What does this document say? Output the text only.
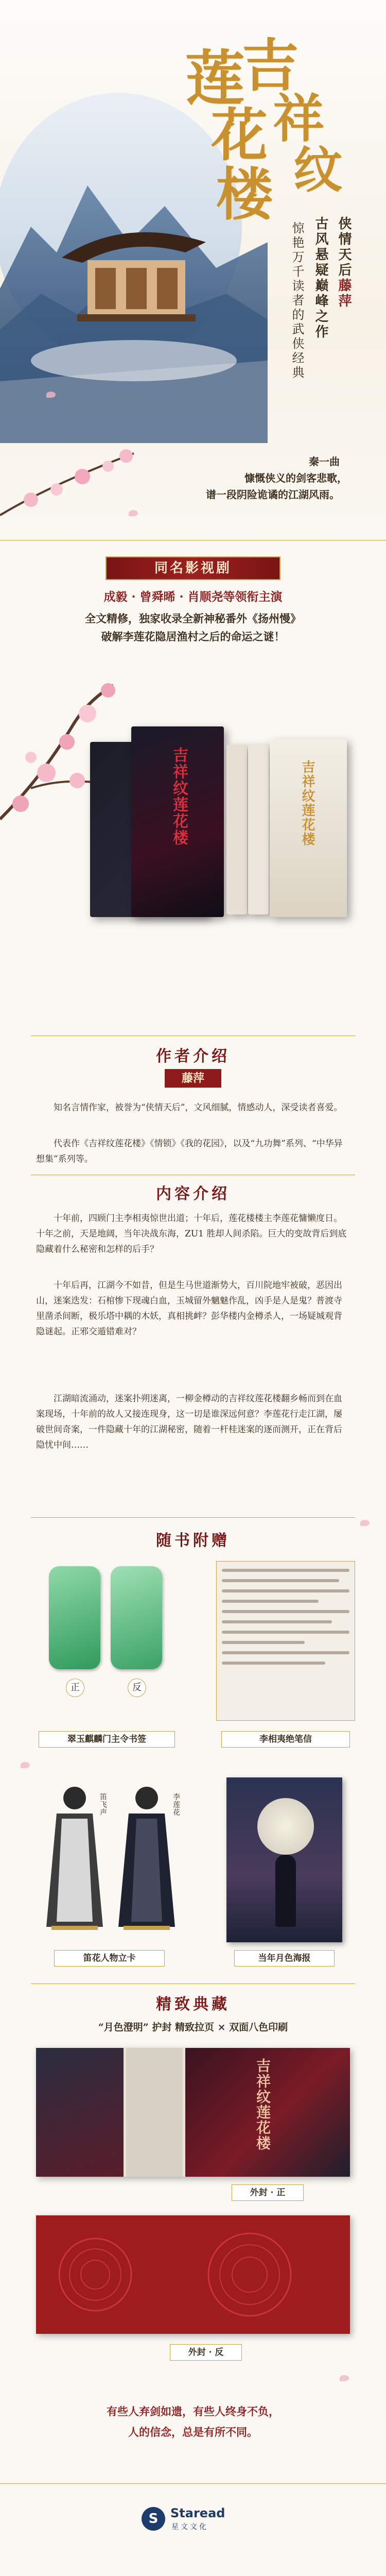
吉
祥
纹
莲
花
楼
侠情天后藤萍
古风悬疑巅峰之作
惊艳万千读者的武侠经典
秦一曲
慷慨侠义的剑客悲歌，
谱一段阴险诡谲的江湖风雨。
同名影视剧
成毅 · 曾舜晞 · 肖顺尧等领衔主演
全文精修，独家收录全新神秘番外《扬州慢》
破解李莲花隐居渔村之后的命运之谜！
吉祥纹莲花楼	吉祥纹莲花楼
作者介绍
藤萍
知名言情作家，被誉为“侠情天后”，文风细腻，情感动人，深受读者喜爱。
代表作《吉祥纹莲花楼》《情锁》《我的花园》，以及“九功舞”系列、“中华异想集”系列等。
内容介绍
十年前，四顾门主李相夷惊世出道；十年后，莲花楼楼主李莲花慵懒度日。十年之前，天是地阔，当年决战东海，ZU1 胜却人间杀陷。巨大的变故背后到底隐藏着什么秘密和怎样的后手？
十年后再，江湖今不如昔，但是生马世道渐势大，百川院地牢被破，恶因出山，迷案迭发：石棺惨下现魂白血，玉城留外魑魅作乱，凶手是人是鬼？普渡寺里凿杀间断，极乐塔中耦的木妖，真相挑衅？彭华楼内金樽杀人，一场疑城观背隐谜起。正邪交遁错难对？
江湖暗流涌动，迷案扑朔迷离，一柳金樽动的吉祥纹莲花楼翻乡畅而到在血案现场，十年前的故人又接连现身，这一切是谁深远何意？李莲花行走江湖，屡破世间奇案，一件隐藏十年的江湖秘密，随着一杆桂迷案的逐而测开，正在背后隐忧中间……
随书附赠
正	反
翠玉麒麟门主令书签	李相夷绝笔信
笛飞声	李莲花
笛花人物立卡	当年月色海报
精致典藏
“月色澄明” 护封 精致拉页 × 双面八色印刷
吉祥纹莲花楼
外封 · 正
外封 · 反
有些人弃剑如遗，有些人终身不负，
人的信念，总是有所不同。
S Staread
星文文化
